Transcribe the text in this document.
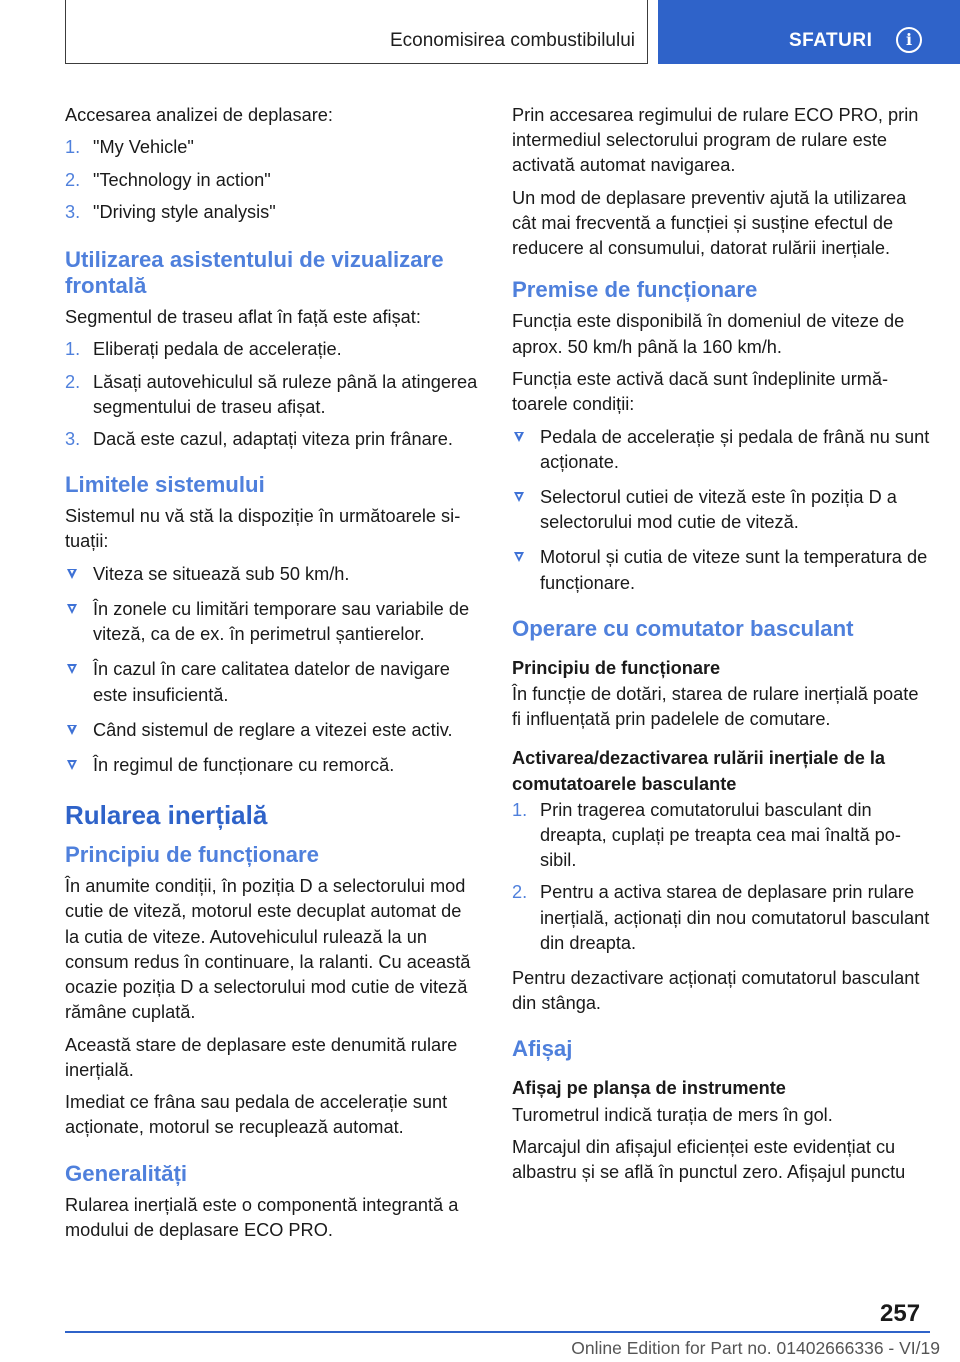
Economisirea combustibilului	SFATURI	i

Accesarea analizei de deplasare:

1. "My Vehicle"
2. "Technology in action"
3. "Driving style analysis"
Utilizarea asistentului de vizualizare frontală

Segmentul de traseu aflat în față este afișat:

1. Eliberați pedala de accelerație.
2. Lăsați autovehiculul să ruleze până la atingerea segmentului de traseu afișat.
3. Dacă este cazul, adaptați viteza prin frânare.
Limitele sistemului

Sistemul nu vă stă la dispoziție în următoarele situații:

Viteza se situează sub 50 km/h.
În zonele cu limitări temporare sau variabile de viteză, ca de ex. în perimetrul șantierelor.
În cazul în care calitatea datelor de navigare este insuficientă.
Când sistemul de reglare a vitezei este activ.
În regimul de funcționare cu remorcă.
Rularea inerțială
Principiu de funcționare

În anumite condiții, în poziția D a selectorului mod cutie de viteză, motorul este decuplat automat de la cutia de viteze. Autovehiculul rulează la un consum redus în continuare, la ralanti. Cu această ocazie poziția D a selectorului mod cutie de viteză rămâne cuplată.

Această stare de deplasare este denumită rulare inerțială.

Imediat ce frâna sau pedala de accelerație sunt acționate, motorul se recuplează automat.

Generalități

Rularea inerțială este o componentă integrantă a modului de deplasare ECO PRO.

Prin accesarea regimului de rulare ECO PRO, prin intermediul selectorului program de rulare este activată automat navigarea.

Un mod de deplasare preventiv ajută la utilizarea cât mai frecventă a funcției și susține efectul de reducere al consumului, datorat rulării inerțiale.

Premise de funcționare

Funcția este disponibilă în domeniul de viteze de aprox. 50 km/h până la 160 km/h.

Funcția este activă dacă sunt îndeplinite următoarele condiții:

Pedala de accelerație și pedala de frână nu sunt acționate.
Selectorul cutiei de viteză este în poziția D a selectorului mod cutie de viteză.
Motorul și cutia de viteze sunt la temperatura de funcționare.
Operare cu comutator basculant
Principiu de funcționare

În funcție de dotări, starea de rulare inerțială poate fi influențată prin padelele de comutare.

Activarea/dezactivarea rulării inerțiale de la comutatoarele basculante
1. Prin tragerea comutatorului basculant din dreapta, cuplați pe treapta cea mai înaltă posibil.
2. Pentru a activa starea de deplasare prin rulare inerțială, acționați din nou comutatorul basculant din dreapta.

Pentru dezactivare acționați comutatorul basculant din stânga.

Afișaj
Afișaj pe planșa de instrumente

Turometrul indică turația de mers în gol.

Marcajul din afișajul eficienței este evidențiat cu albastru și se află în punctul zero. Afișajul punctu

257
Online Edition for Part no. 01402666336 - VI/19
